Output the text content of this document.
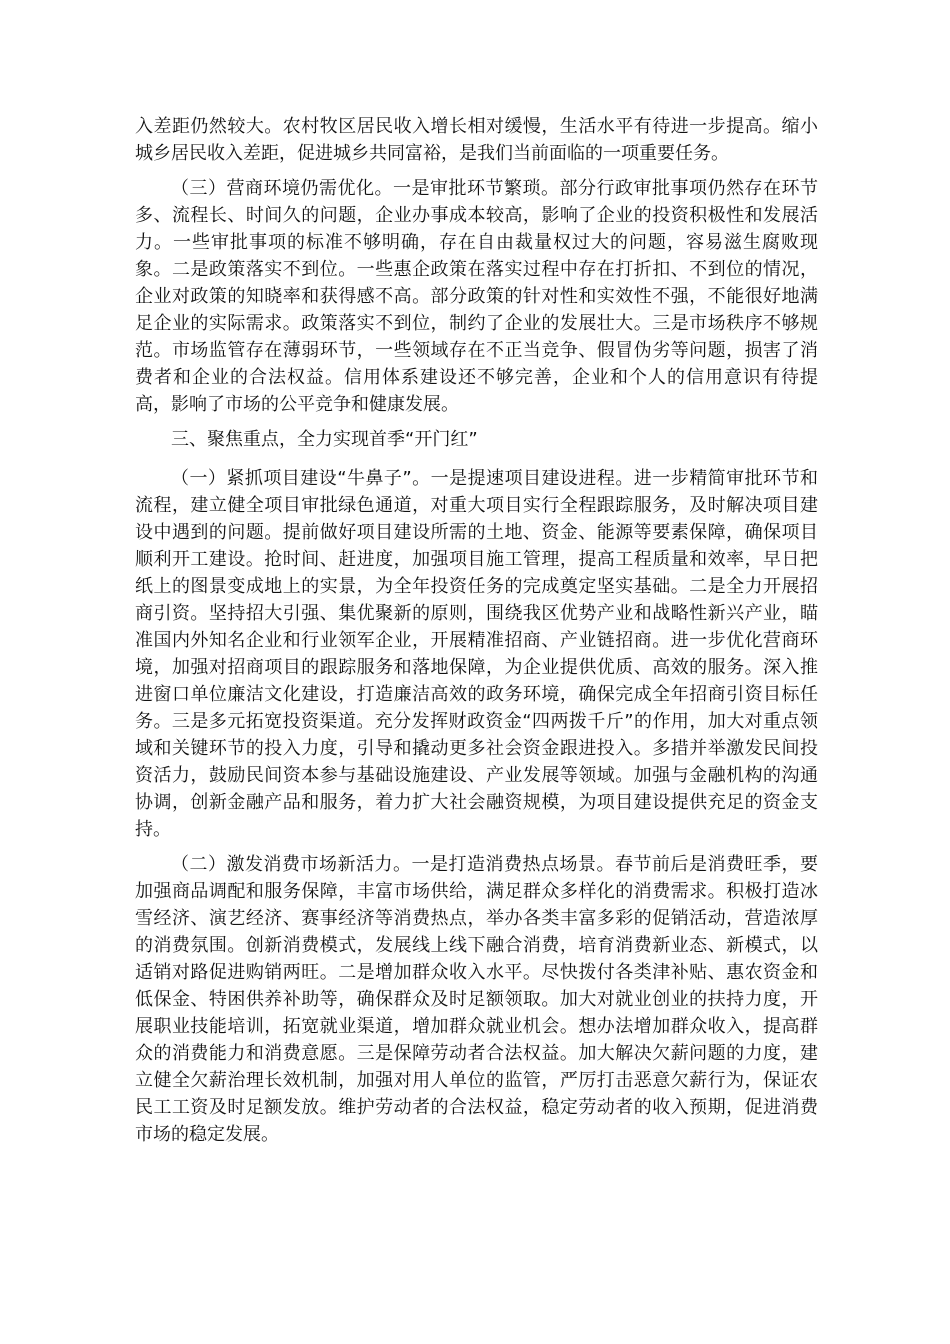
入差距仍然较大。农村牧区居民收入增长相对缓慢，生活水平有待进一步提高。缩小城乡居民收入差距，促进城乡共同富裕，是我们当前面临的一项重要任务。

（三）营商环境仍需优化。一是审批环节繁琐。部分行政审批事项仍然存在环节多、流程长、时间久的问题，企业办事成本较高，影响了企业的投资积极性和发展活力。一些审批事项的标准不够明确，存在自由裁量权过大的问题，容易滋生腐败现象。二是政策落实不到位。一些惠企政策在落实过程中存在打折扣、不到位的情况，企业对政策的知晓率和获得感不高。部分政策的针对性和实效性不强，不能很好地满足企业的实际需求。政策落实不到位，制约了企业的发展壮大。三是市场秩序不够规范。市场监管存在薄弱环节，一些领域存在不正当竞争、假冒伪劣等问题，损害了消费者和企业的合法权益。信用体系建设还不够完善，企业和个人的信用意识有待提高，影响了市场的公平竞争和健康发展。

三、聚焦重点，全力实现首季“开门红”

（一）紧抓项目建设“牛鼻子”。一是提速项目建设进程。进一步精简审批环节和流程，建立健全项目审批绿色通道，对重大项目实行全程跟踪服务，及时解决项目建设中遇到的问题。提前做好项目建设所需的土地、资金、能源等要素保障，确保项目顺利开工建设。抢时间、赶进度，加强项目施工管理，提高工程质量和效率，早日把纸上的图景变成地上的实景，为全年投资任务的完成奠定坚实基础。二是全力开展招商引资。坚持招大引强、集优聚新的原则，围绕我区优势产业和战略性新兴产业，瞄准国内外知名企业和行业领军企业，开展精准招商、产业链招商。进一步优化营商环境，加强对招商项目的跟踪服务和落地保障，为企业提供优质、高效的服务。深入推进窗口单位廉洁文化建设，打造廉洁高效的政务环境，确保完成全年招商引资目标任务。三是多元拓宽投资渠道。充分发挥财政资金“四两拨千斤”的作用，加大对重点领域和关键环节的投入力度，引导和撬动更多社会资金跟进投入。多措并举激发民间投资活力，鼓励民间资本参与基础设施建设、产业发展等领域。加强与金融机构的沟通协调，创新金融产品和服务，着力扩大社会融资规模，为项目建设提供充足的资金支持。

（二）激发消费市场新活力。一是打造消费热点场景。春节前后是消费旺季，要加强商品调配和服务保障，丰富市场供给，满足群众多样化的消费需求。积极打造冰雪经济、演艺经济、赛事经济等消费热点，举办各类丰富多彩的促销活动，营造浓厚的消费氛围。创新消费模式，发展线上线下融合消费，培育消费新业态、新模式，以适销对路促进购销两旺。二是增加群众收入水平。尽快拨付各类津补贴、惠农资金和低保金、特困供养补助等，确保群众及时足额领取。加大对就业创业的扶持力度，开展职业技能培训，拓宽就业渠道，增加群众就业机会。想办法增加群众收入，提高群众的消费能力和消费意愿。三是保障劳动者合法权益。加大解决欠薪问题的力度，建立健全欠薪治理长效机制，加强对用人单位的监管，严厉打击恶意欠薪行为，保证农民工工资及时足额发放。维护劳动者的合法权益，稳定劳动者的收入预期，促进消费市场的稳定发展。
